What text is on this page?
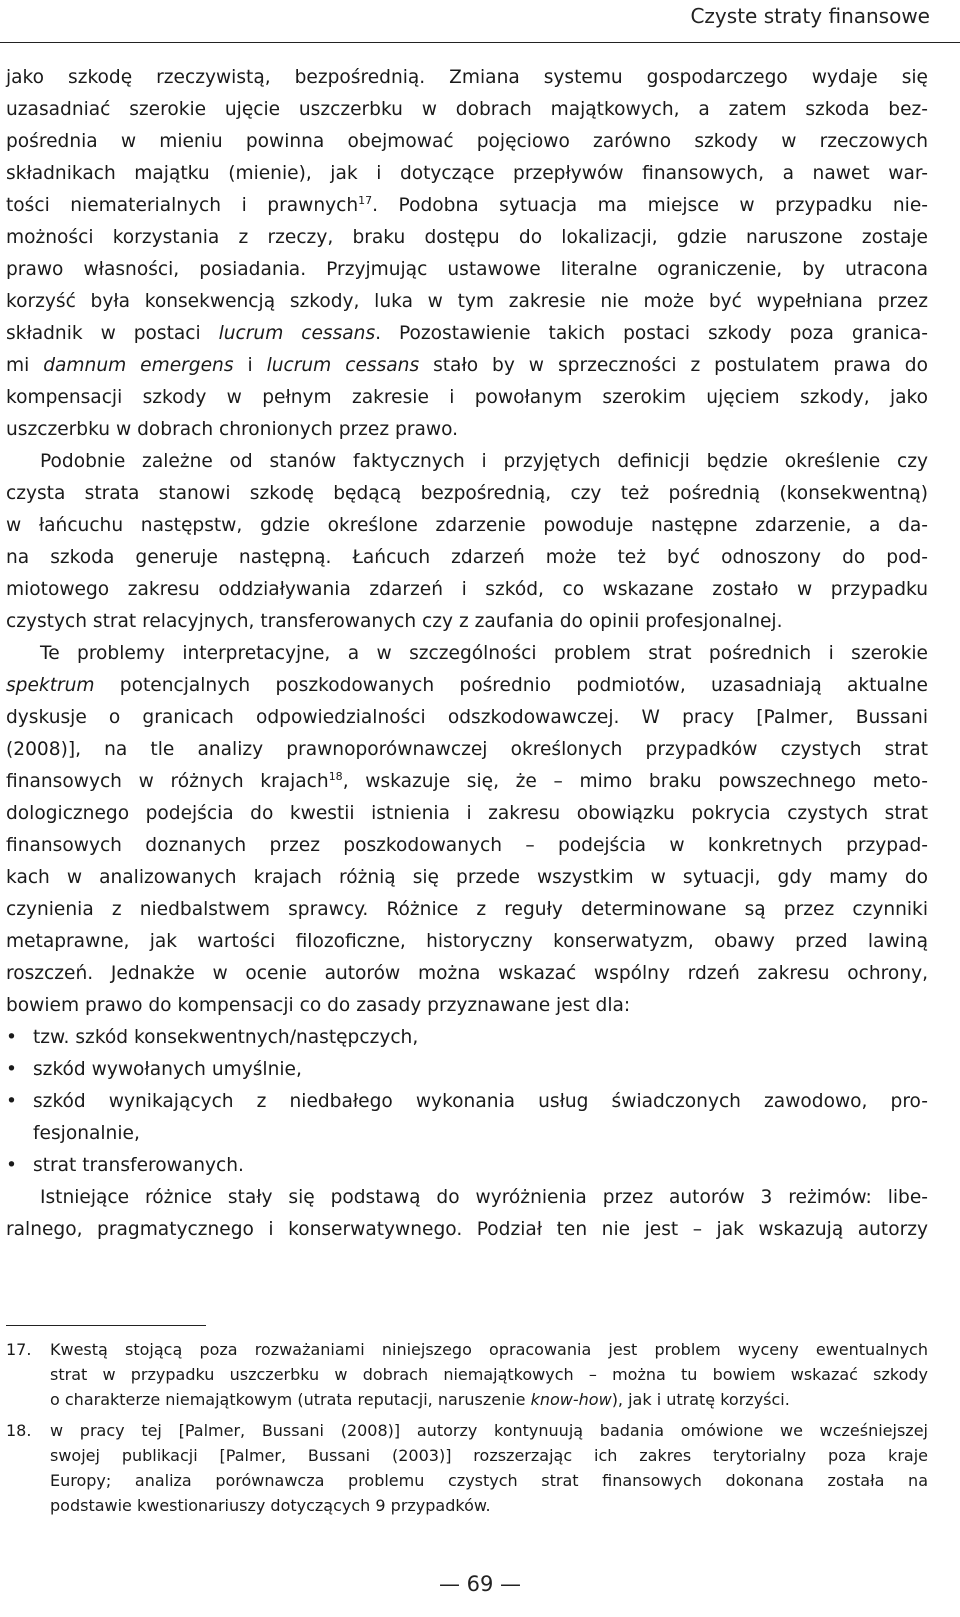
Czyste straty finansowe
jako szkodę rzeczywistą, bezpośrednią. Zmiana systemu gospodarczego wydaje się
uzasadniać szerokie ujęcie uszczerbku w dobrach majątkowych, a zatem szkoda bez-
pośrednia w mieniu powinna obejmować pojęciowo zarówno szkody w rzeczowych
składnikach majątku (mienie), jak i dotyczące przepływów finansowych, a nawet war-
tości niematerialnych i prawnych$^{17}$. Podobna sytuacja ma miejsce w przypadku nie-
możności korzystania z rzeczy, braku dostępu do lokalizacji, gdzie naruszone zostaje
prawo własności, posiadania. Przyjmując ustawowe literalne ograniczenie, by utracona
korzyść była konsekwencją szkody, luka w tym zakresie nie może być wypełniana przez
składnik w postaci lucrum cessans. Pozostawienie takich postaci szkody poza granica-
mi damnum emergens i lucrum cessans stało by w sprzeczności z postulatem prawa do
kompensacji szkody w pełnym zakresie i powołanym szerokim ujęciem szkody, jako
uszczerbku w dobrach chronionych przez prawo.
Podobnie zależne od stanów faktycznych i przyjętych definicji będzie określenie czy
czysta strata stanowi szkodę będącą bezpośrednią, czy też pośrednią (konsekwentną)
w łańcuchu następstw, gdzie określone zdarzenie powoduje następne zdarzenie, a da-
na szkoda generuje następną. Łańcuch zdarzeń może też być odnoszony do pod-
miotowego zakresu oddziaływania zdarzeń i szkód, co wskazane zostało w przypadku
czystych strat relacyjnych, transferowanych czy z zaufania do opinii profesjonalnej.
Te problemy interpretacyjne, a w szczególności problem strat pośrednich i szerokie
spektrum potencjalnych poszkodowanych pośrednio podmiotów, uzasadniają aktualne
dyskusje o granicach odpowiedzialności odszkodowawczej. W pracy [Palmer, Bussani
(2008)], na tle analizy prawnoporównawczej określonych przypadków czystych strat
finansowych w różnych krajach$^{18}$, wskazuje się, że – mimo braku powszechnego meto-
dologicznego podejścia do kwestii istnienia i zakresu obowiązku pokrycia czystych strat
finansowych doznanych przez poszkodowanych – podejścia w konkretnych przypad-
kach w analizowanych krajach różnią się przede wszystkim w sytuacji, gdy mamy do
czynienia z niedbalstwem sprawcy. Różnice z reguły determinowane są przez czynniki
metaprawne, jak wartości filozoficzne, historyczny konserwatyzm, obawy przed lawiną
roszczeń. Jednakże w ocenie autorów można wskazać wspólny rdzeń zakresu ochrony,
bowiem prawo do kompensacji co do zasady przyznawane jest dla:
• tzw. szkód konsekwentnych/następczych,
• szkód wywołanych umyślnie,
• szkód wynikających z niedbałego wykonania usług świadczonych zawodowo, pro-
fesjonalnie,
• strat transferowanych.
Istniejące różnice stały się podstawą do wyróżnienia przez autorów 3 reżimów: libe-
ralnego, pragmatycznego i konserwatywnego. Podział ten nie jest – jak wskazują autorzy
17. Kwestą stojącą poza rozważaniami niniejszego opracowania jest problem wyceny ewentualnych
strat w przypadku uszczerbku w dobrach niemajątkowych – można tu bowiem wskazać szkody
o charakterze niemajątkowym (utrata reputacji, naruszenie know-how), jak i utratę korzyści.
18. w pracy tej [Palmer, Bussani (2008)] autorzy kontynuują badania omówione we wcześniejszej
swojej publikacji [Palmer, Bussani (2003)] rozszerzając ich zakres terytorialny poza kraje
Europy; analiza porównawcza problemu czystych strat finansowych dokonana została na
podstawie kwestionariuszy dotyczących 9 przypadków.
— 69 —
